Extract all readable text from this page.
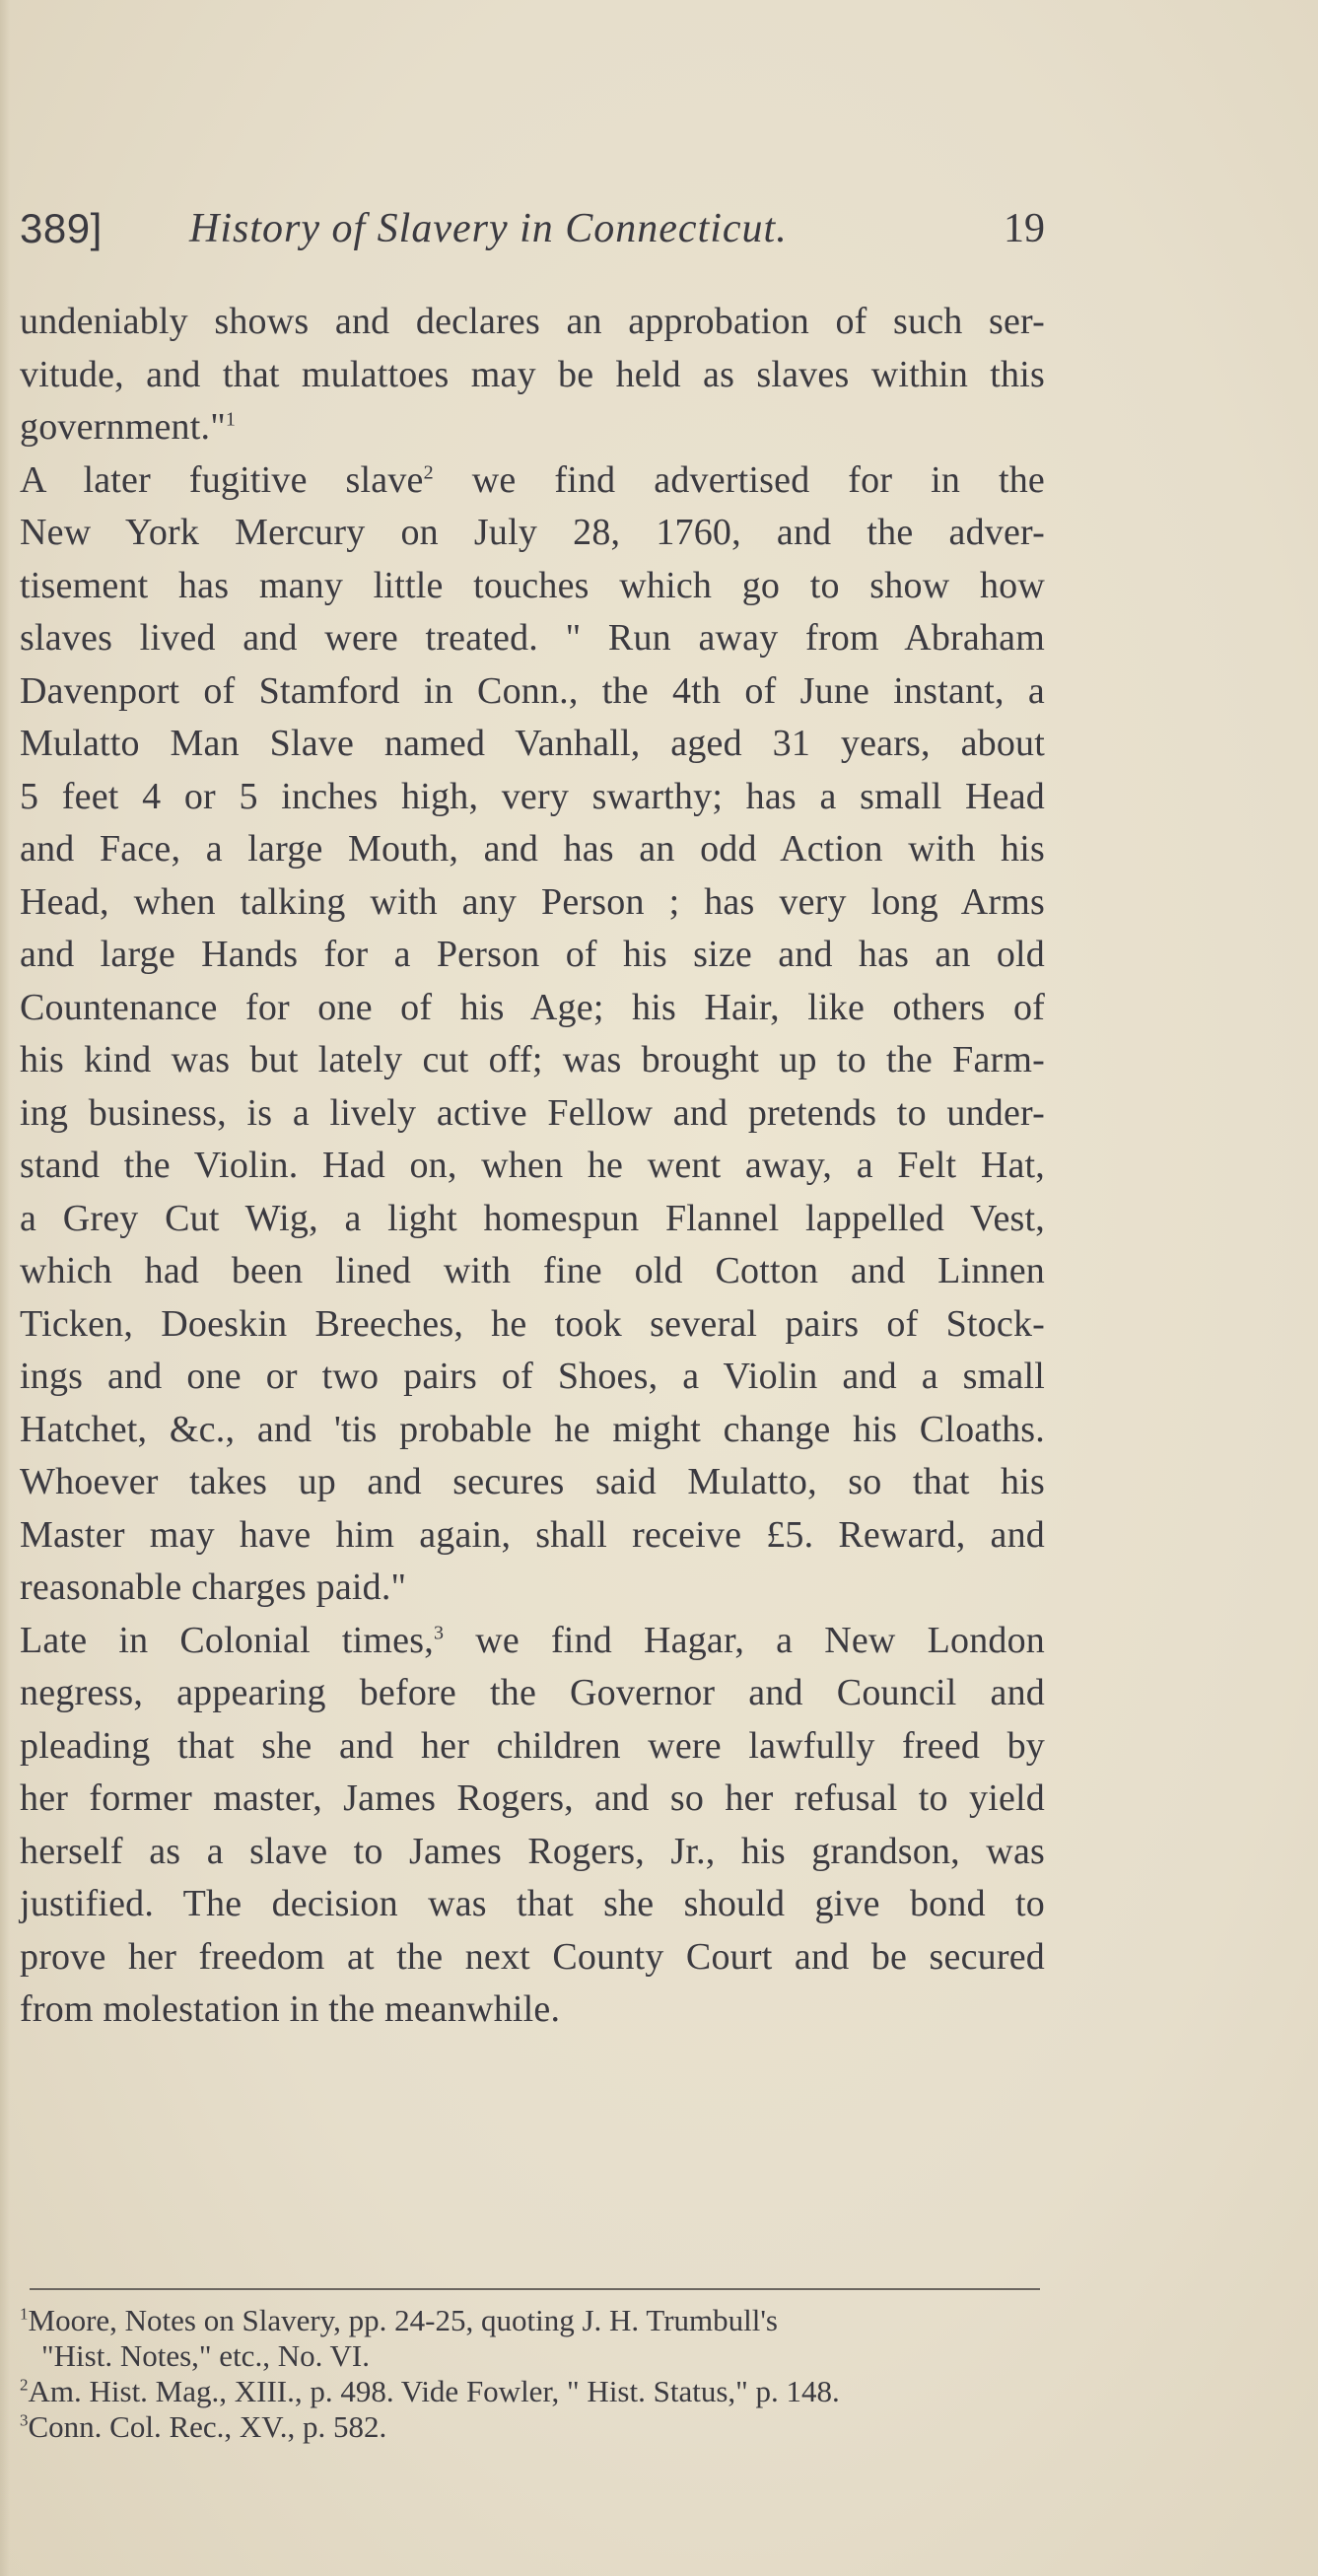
389] History of Slavery in Connecticut.	19
undeniably shows and declares an approbation of such ser-
vitude, and that mulattoes may be held as slaves within this
government."$^1$
A later fugitive slave$^2$ we find advertised for in the
New York Mercury on July 28, 1760, and the adver-
tisement has many little touches which go to show how
slaves lived and were treated. " Run away from Abraham
Davenport of Stamford in Conn., the 4th of June instant, a
Mulatto Man Slave named Vanhall, aged 31 years, about
5 feet 4 or 5 inches high, very swarthy; has a small Head
and Face, a large Mouth, and has an odd Action with his
Head, when talking with any Person ; has very long Arms
and large Hands for a Person of his size and has an old
Countenance for one of his Age; his Hair, like others of
his kind was but lately cut off; was brought up to the Farm-
ing business, is a lively active Fellow and pretends to under-
stand the Violin. Had on, when he went away, a Felt Hat,
a Grey Cut Wig, a light homespun Flannel lappelled Vest,
which had been lined with fine old Cotton and Linnen
Ticken, Doeskin Breeches, he took several pairs of Stock-
ings and one or two pairs of Shoes, a Violin and a small
Hatchet, &c., and 'tis probable he might change his Cloaths.
Whoever takes up and secures said Mulatto, so that his
Master may have him again, shall receive £5. Reward, and
reasonable charges paid."
Late in Colonial times,$^3$ we find Hagar, a New London
negress, appearing before the Governor and Council and
pleading that she and her children were lawfully freed by
her former master, James Rogers, and so her refusal to yield
herself as a slave to James Rogers, Jr., his grandson, was
justified. The decision was that she should give bond to
prove her freedom at the next County Court and be secured
from molestation in the meanwhile.
$^1$Moore, Notes on Slavery, pp. 24-25, quoting J. H. Trumbull's
"Hist. Notes," etc., No. VI.
$^2$Am. Hist. Mag., XIII., p. 498. Vide Fowler, " Hist. Status," p. 148.
$^3$Conn. Col. Rec., XV., p. 582.
